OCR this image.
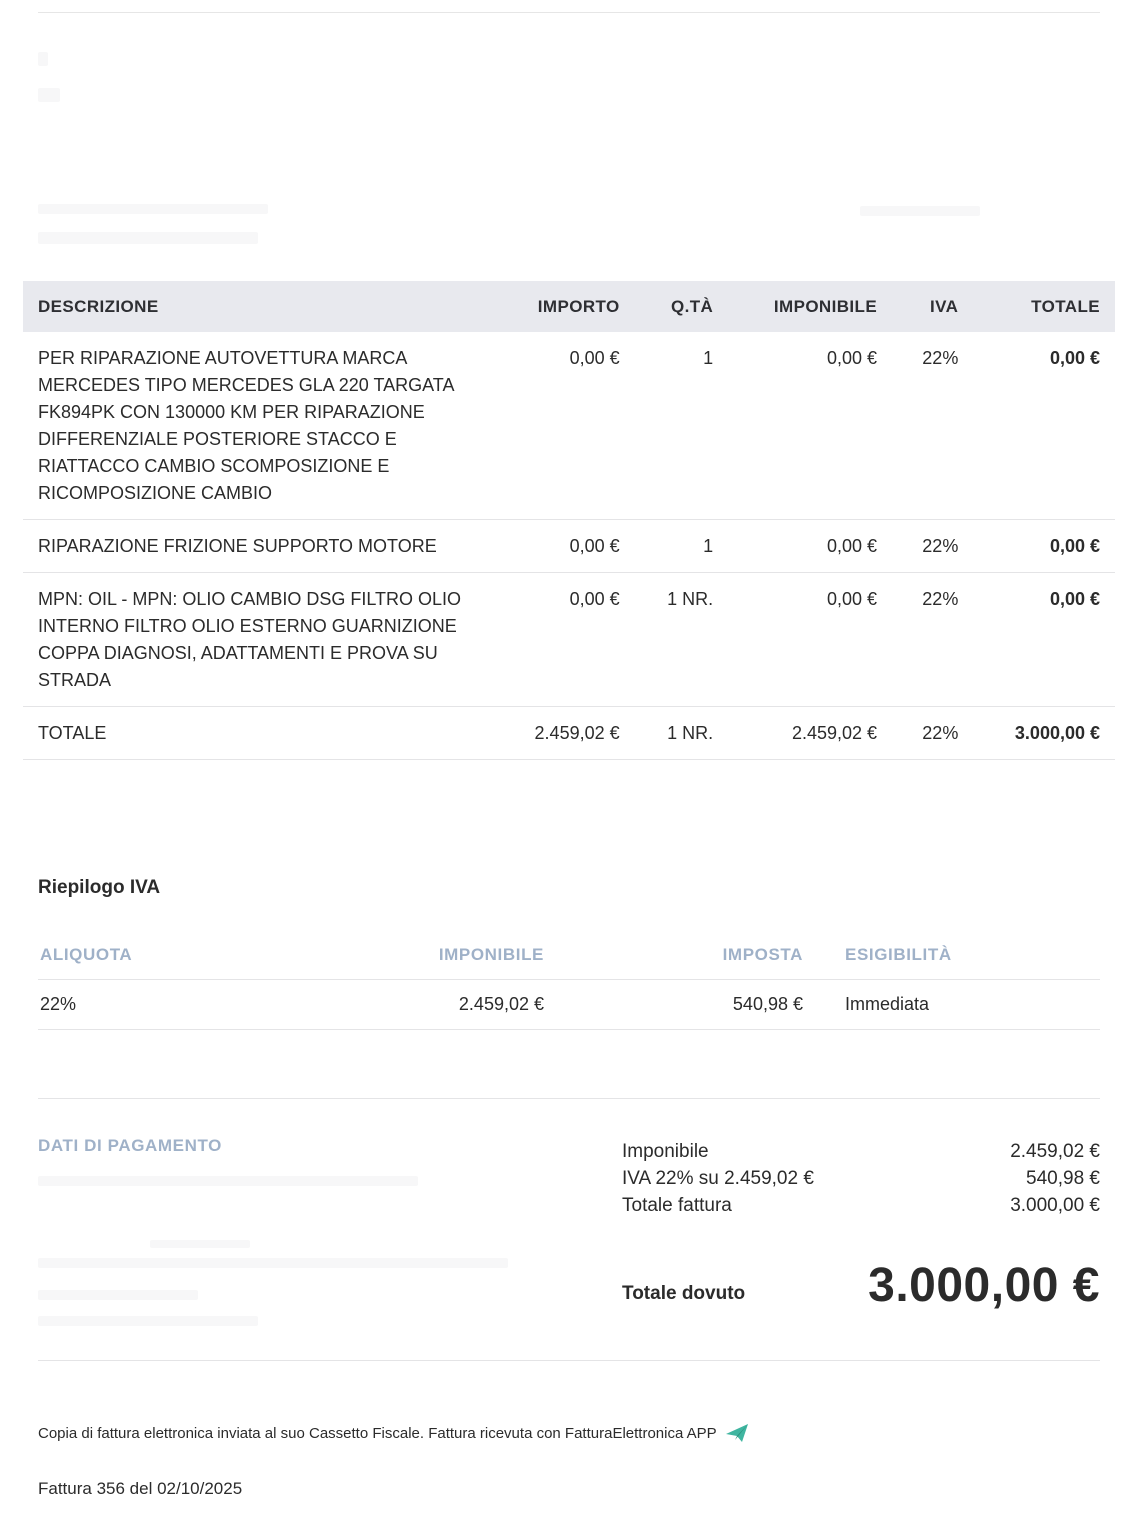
DESCRIZIONE	IMPORTO	Q.TÀ	IMPONIBILE	IVA	TOTALE
PER RIPARAZIONE AUTOVETTURA MARCA MERCEDES TIPO MERCEDES GLA 220 TARGATA FK894PK CON 130000 KM PER RIPARAZIONE DIFFERENZIALE POSTERIORE STACCO E RIATTACCO CAMBIO SCOMPOSIZIONE E RICOMPOSIZIONE CAMBIO	0,00 €	1	0,00 €	22%	0,00 €
RIPARAZIONE FRIZIONE SUPPORTO MOTORE	0,00 €	1	0,00 €	22%	0,00 €
MPN: OIL - MPN: OLIO CAMBIO DSG FILTRO OLIO INTERNO FILTRO OLIO ESTERNO GUARNIZIONE COPPA DIAGNOSI, ADATTAMENTI E PROVA SU STRADA	0,00 €	1 NR.	0,00 €	22%	0,00 €
TOTALE	2.459,02 €	1 NR.	2.459,02 €	22%	3.000,00 €
Riepilogo IVA
ALIQUOTA	IMPONIBILE	IMPOSTA	ESIGIBILITÀ
22%	2.459,02 €	540,98 €	Immediata
DATI DI PAGAMENTO	Imponibile	2.459,02 €
IVA 22% su 2.459,02 €	540,98 €
Totale fattura	3.000,00 €
Totale dovuto	3.000,00 €
Copia di fattura elettronica inviata al suo Cassetto Fiscale. Fattura ricevuta con FatturaElettronica APP
Fattura 356 del 02/10/2025
